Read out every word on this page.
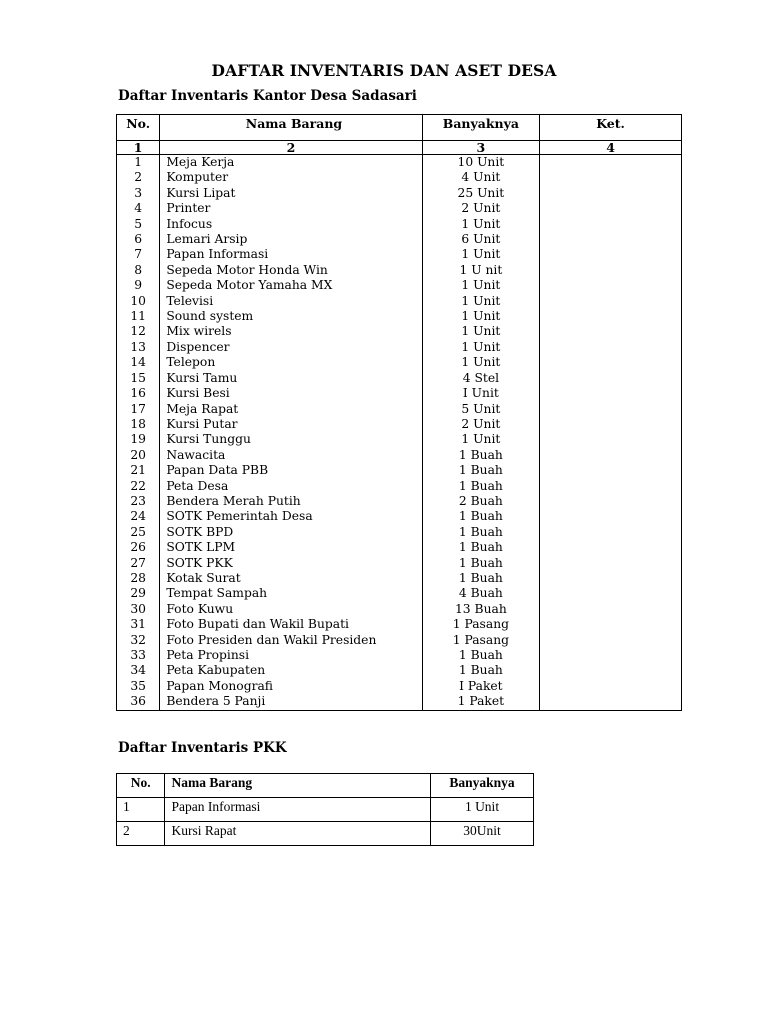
DAFTAR INVENTARIS DAN ASET DESA
Daftar Inventaris Kantor Desa Sadasari
No.	Nama Barang	Banyaknya	Ket.
1	2	3	4
1	Meja Kerja	10 Unit	
2	Komputer	4 Unit	
3	Kursi Lipat	25 Unit	
4	Printer	2 Unit	
5	Infocus	1 Unit	
6	Lemari Arsip	6 Unit	
7	Papan Informasi	1 Unit	
8	Sepeda Motor Honda Win	1 U nit	
9	Sepeda Motor Yamaha MX	1 Unit	
10	Televisi	1 Unit	
11	Sound system	1 Unit	
12	Mix wirels	1 Unit	
13	Dispencer	1 Unit	
14	Telepon	1 Unit	
15	Kursi Tamu	4 Stel	
16	Kursi Besi	I Unit	
17	Meja Rapat	5 Unit	
18	Kursi Putar	2 Unit	
19	Kursi Tunggu	1 Unit	
20	Nawacita	1 Buah	
21	Papan Data PBB	1 Buah	
22	Peta Desa	1 Buah	
23	Bendera Merah Putih	2 Buah	
24	SOTK Pemerintah Desa	1 Buah	
25	SOTK BPD	1 Buah	
26	SOTK LPM	1 Buah	
27	SOTK PKK	1 Buah	
28	Kotak Surat	1 Buah	
29	Tempat Sampah	4 Buah	
30	Foto Kuwu	13 Buah	
31	Foto Bupati dan Wakil Bupati	1 Pasang	
32	Foto Presiden dan Wakil Presiden	1 Pasang	
33	Peta Propinsi	1 Buah	
34	Peta Kabupaten	1 Buah	
35	Papan Monografi	I Paket	
36	Bendera 5 Panji	1 Paket	
Daftar Inventaris PKK
No.	Nama Barang	Banyaknya
1	Papan Informasi	1 Unit
2	Kursi Rapat	30Unit
